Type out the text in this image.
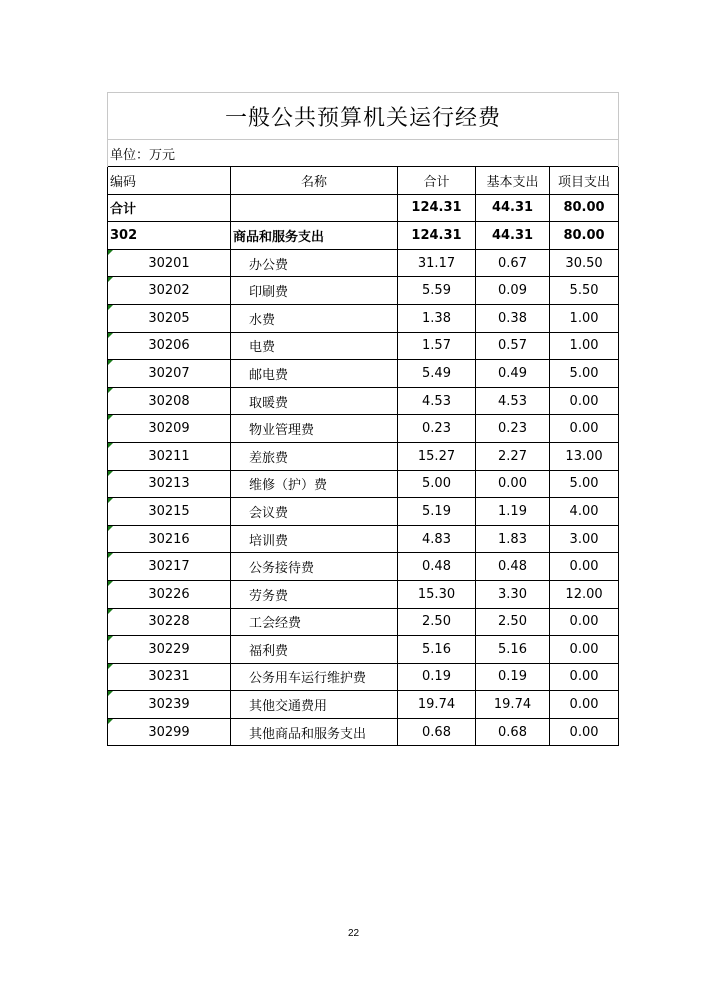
一般公共预算机关运行经费				
单位：万元				
编码	名称	合计	基本支出	项目支出
合计		124.31	44.31	80.00
302	商品和服务支出	124.31	44.31	80.00
30201	办公费	31.17	0.67	30.50
30202	印刷费	5.59	0.09	5.50
30205	水费	1.38	0.38	1.00
30206	电费	1.57	0.57	1.00
30207	邮电费	5.49	0.49	5.00
30208	取暖费	4.53	4.53	0.00
30209	物业管理费	0.23	0.23	0.00
30211	差旅费	15.27	2.27	13.00
30213	维修（护）费	5.00	0.00	5.00
30215	会议费	5.19	1.19	4.00
30216	培训费	4.83	1.83	3.00
30217	公务接待费	0.48	0.48	0.00
30226	劳务费	15.30	3.30	12.00
30228	工会经费	2.50	2.50	0.00
30229	福利费	5.16	5.16	0.00
30231	公务用车运行维护费	0.19	0.19	0.00
30239	其他交通费用	19.74	19.74	0.00
30299	其他商品和服务支出	0.68	0.68	0.00
22
